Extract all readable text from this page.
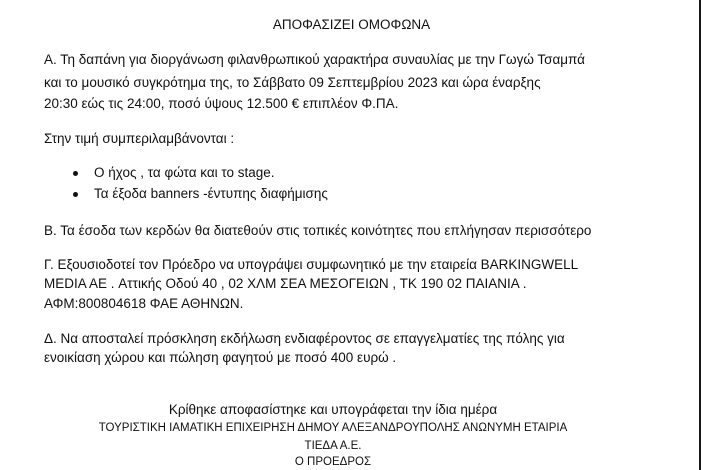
ΑΠΟΦΑΣΙΖΕΙ ΟΜΟΦΩΝΑ
Α. Τη δαπάνη για διοργάνωση φιλανθρωπικού χαρακτήρα συναυλίας με την Γωγώ Τσαμπά
και το μουσικό συγκρότημα της, το Σάββατο 09 Σεπτεμβρίου 2023 και ώρα έναρξης
20:30 εώς τις 24:00, ποσό ύψους 12.500 € επιπλέον Φ.ΠΑ.
Στην τιμή συμπεριλαμβάνονται :
Ο ήχος , τα φώτα και το stage.
Τα έξοδα banners -έντυπης διαφήμισης
Β. Τα έσοδα των κερδών θα διατεθούν στις τοπικές κοινότητες που επλήγησαν περισσότερο
Γ. Εξουσιοδοτεί τον Πρόεδρο να υπογράψει συμφωνητικό με την εταιρεία BARKINGWELL
MEDIA AE . Αττικής Οδού 40 , 02 ΧΛΜ ΣΕΑ ΜΕΣΟΓΕΙΩΝ , ΤΚ 190 02 ΠΑΙΑΝΙΑ .
ΑΦΜ:800804618 ΦΑΕ ΑΘΗΝΩΝ.
Δ. Να αποσταλεί πρόσκληση εκδήλωση ενδιαφέροντος σε επαγγελματίες της πόλης για
ενοικίαση χώρου και πώληση φαγητού με ποσό 400 ευρώ .
Κρίθηκε αποφασίστηκε και υπογράφεται την ίδια ημέρα
ΤΟΥΡΙΣΤΙΚΗ ΙΑΜΑΤΙΚΗ ΕΠΙΧΕΙΡΗΣΗ ΔΗΜΟΥ ΑΛΕΞΑΝΔΡΟΥΠΟΛΗΣ ΑΝΩΝΥΜΗ ΕΤΑΙΡΙΑ
ΤΙΕΔΑ Α.Ε.
Ο ΠΡΟΕΔΡΟΣ
